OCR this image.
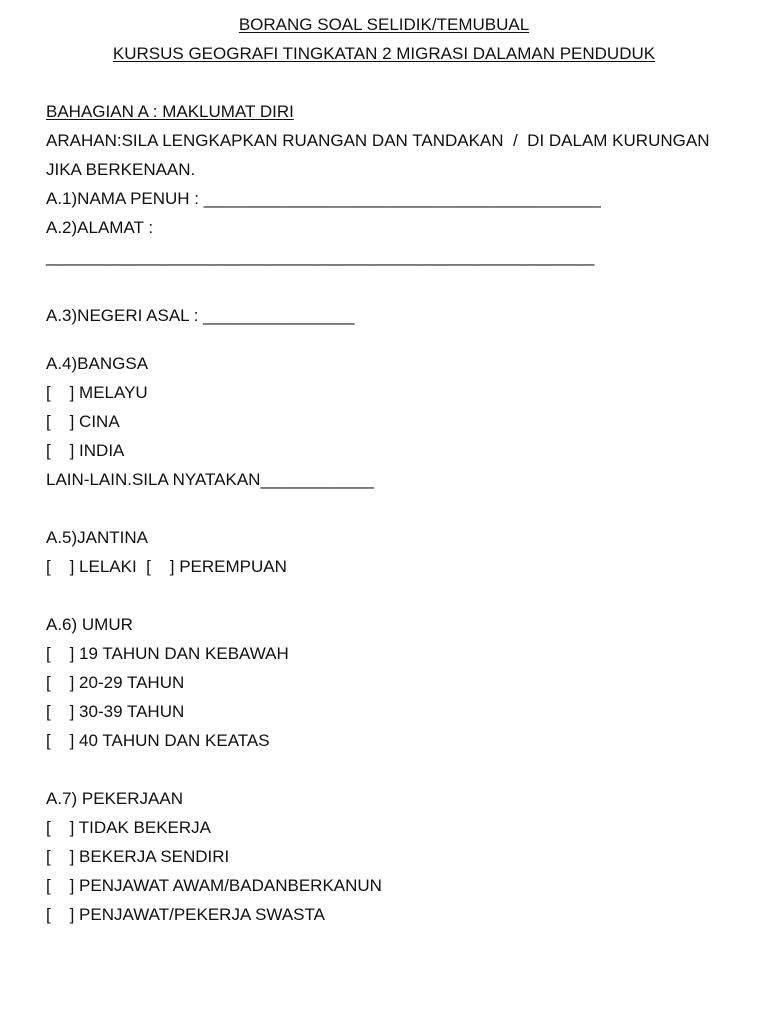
BORANG SOAL SELIDIK/TEMUBUAL
KURSUS GEOGRAFI TINGKATAN 2 MIGRASI DALAMAN PENDUDUK
BAHAGIAN A : MAKLUMAT DIRI
ARAHAN:SILA LENGKAPKAN RUANGAN DAN TANDAKAN  /  DI DALAM KURUNGAN
JIKA BERKENAAN.
A.1)NAMA PENUH : __________________________________________
A.2)ALAMAT :
__________________________________________________________
A.3)NEGERI ASAL : ________________
A.4)BANGSA
[    ] MELAYU
[    ] CINA
[    ] INDIA
LAIN-LAIN.SILA NYATAKAN____________
A.5)JANTINA
[    ] LELAKI  [    ] PEREMPUAN
A.6) UMUR
[    ] 19 TAHUN DAN KEBAWAH
[    ] 20-29 TAHUN
[    ] 30-39 TAHUN
[    ] 40 TAHUN DAN KEATAS
A.7) PEKERJAAN
[    ] TIDAK BEKERJA
[    ] BEKERJA SENDIRI
[    ] PENJAWAT AWAM/BADANBERKANUN
[    ] PENJAWAT/PEKERJA SWASTA
